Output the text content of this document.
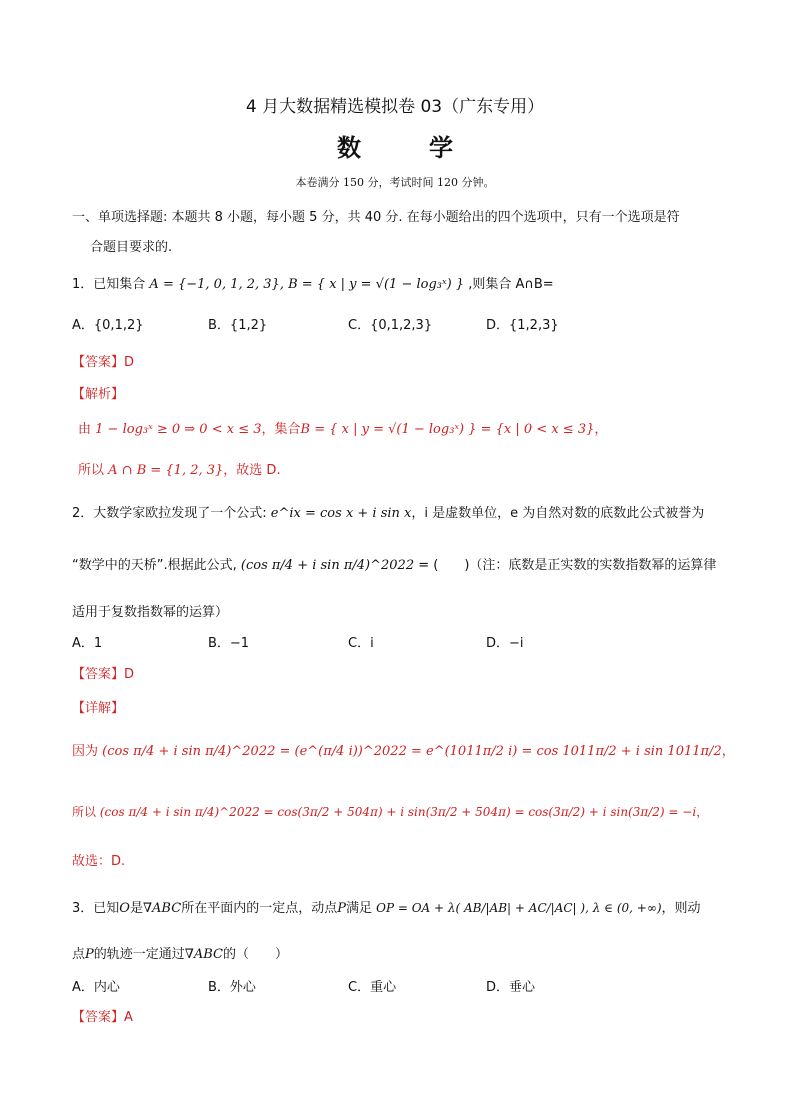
4 月大数据精选模拟卷 03（广东专用）
数　学
本卷满分 150 分，考试时间 120 分钟。
一、单项选择题: 本题共 8 小题，每小题 5 分，共 40 分. 在每小题给出的四个选项中，只有一个选项是符
合题目要求的.
1．已知集合 A = {−1, 0, 1, 2, 3}, B = { x | y = √(1 − log₃ˣ) } ,则集合 A∩B=
A．{0,1,2}	B．{1,2}	C．{0,1,2,3}	D．{1,2,3}
【答案】D
【解析】
由 1 − log₃ˣ ≥ 0 ⇒ 0 < x ≤ 3，集合B = { x | y = √(1 − log₃ˣ) } = {x | 0 < x ≤ 3}，
所以 A ∩ B = {1, 2, 3}，故选 D.
2．大数学家欧拉发现了一个公式: e^ix = cos x + i sin x，i 是虚数单位，e 为自然对数的底数此公式被誉为
“数学中的天桥”.根据此公式, (cos π/4 + i sin π/4)^2022 = (　　)（注：底数是正实数的实数指数幂的运算律
适用于复数指数幂的运算）
A．1	B．−1	C．i	D．−i
【答案】D
【详解】
因为 (cos π/4 + i sin π/4)^2022 = (e^(π/4 i))^2022 = e^(1011π/2 i) = cos 1011π/2 + i sin 1011π/2，
所以 (cos π/4 + i sin π/4)^2022 = cos(3π/2 + 504π) + i sin(3π/2 + 504π) = cos(3π/2) + i sin(3π/2) = −i，
故选：D.
3．已知O是∇ABC所在平面内的一定点，动点P满足 OP = OA + λ( AB/|AB| + AC/|AC| ), λ ∈ (0, +∞)，则动
点P的轨迹一定通过∇ABC的（　　）
A．内心	B．外心	C．重心	D．垂心
【答案】A
